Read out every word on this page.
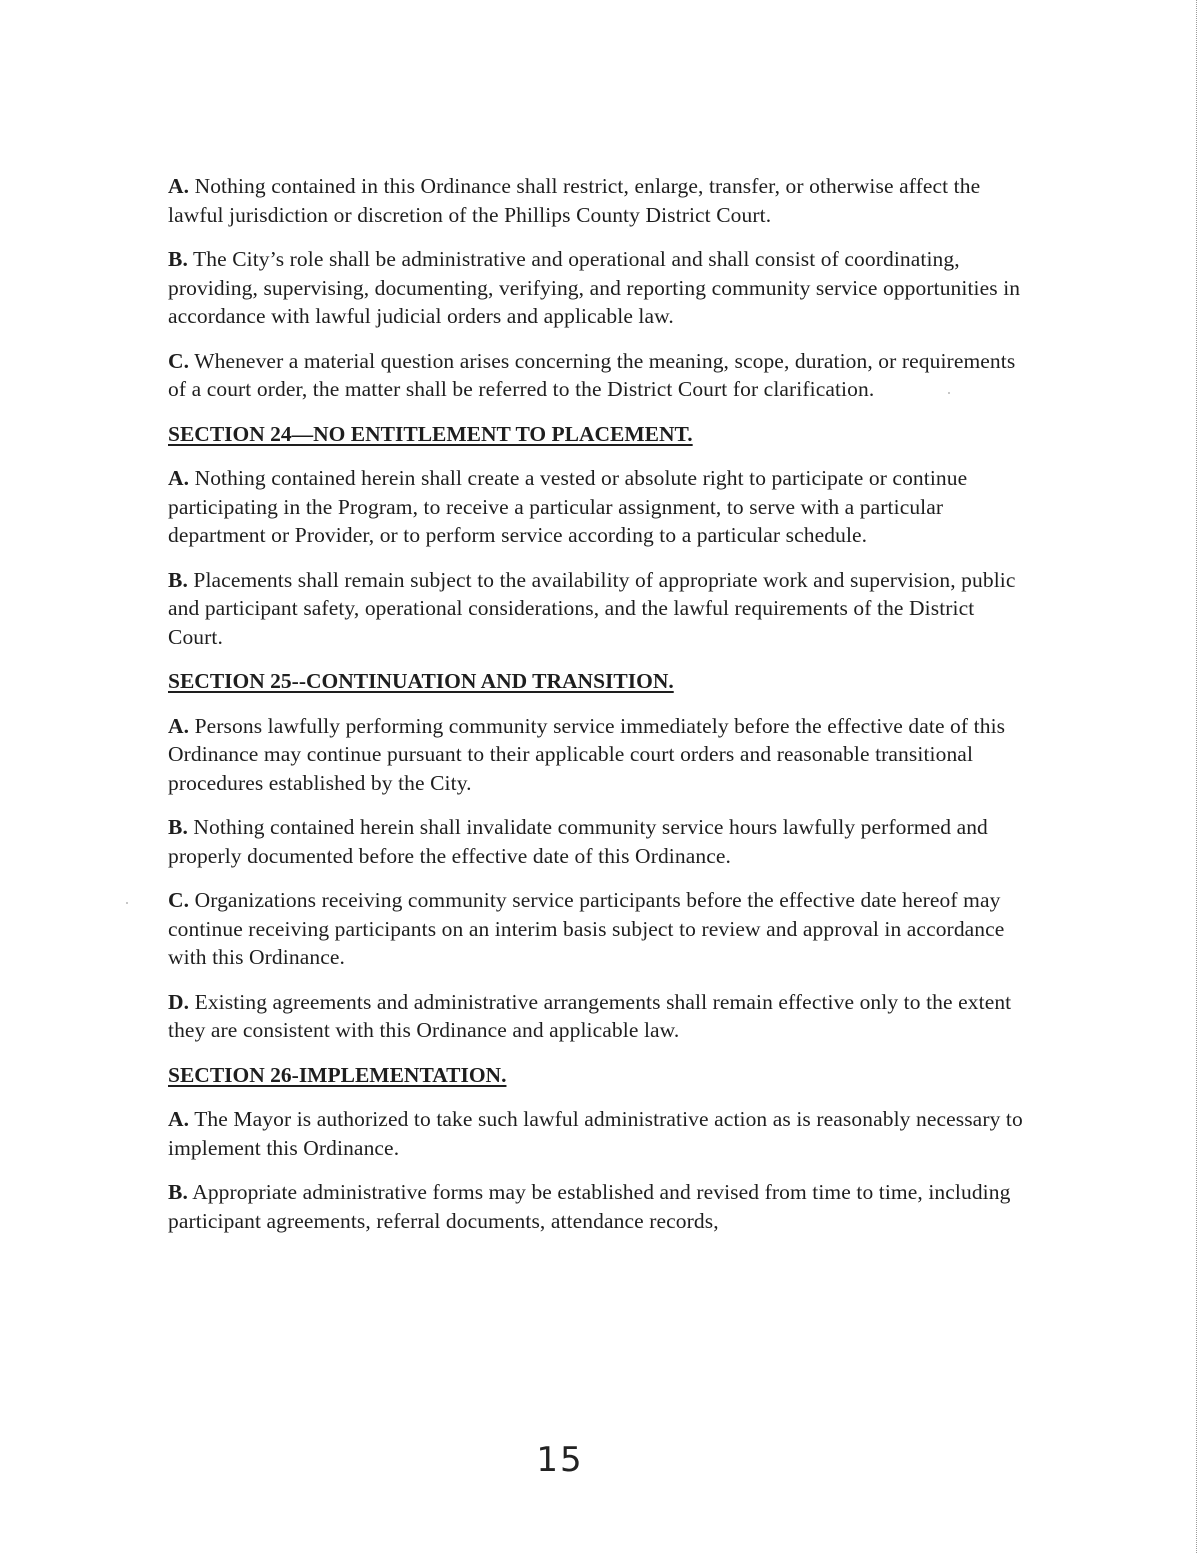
A. Nothing contained in this Ordinance shall restrict, enlarge, transfer, or otherwise affect the lawful jurisdiction or discretion of the Phillips County District Court.

B. The City’s role shall be administrative and operational and shall consist of coordinating, providing, supervising, documenting, verifying, and reporting community service opportunities in accordance with lawful judicial orders and applicable law.

C. Whenever a material question arises concerning the meaning, scope, duration, or requirements of a court order, the matter shall be referred to the District Court for clarification.

SECTION 24—NO ENTITLEMENT TO PLACEMENT.

A. Nothing contained herein shall create a vested or absolute right to participate or continue participating in the Program, to receive a particular assignment, to serve with a particular department or Provider, or to perform service according to a particular schedule.

B. Placements shall remain subject to the availability of appropriate work and supervision, public and participant safety, operational considerations, and the lawful requirements of the District Court.

SECTION 25--CONTINUATION AND TRANSITION.

A. Persons lawfully performing community service immediately before the effective date of this Ordinance may continue pursuant to their applicable court orders and reasonable transitional procedures established by the City.

B. Nothing contained herein shall invalidate community service hours lawfully performed and properly documented before the effective date of this Ordinance.

C. Organizations receiving community service participants before the effective date hereof may continue receiving participants on an interim basis subject to review and approval in accordance with this Ordinance.

D. Existing agreements and administrative arrangements shall remain effective only to the extent they are consistent with this Ordinance and applicable law.

SECTION 26-IMPLEMENTATION.

A. The Mayor is authorized to take such lawful administrative action as is reasonably necessary to implement this Ordinance.

B. Appropriate administrative forms may be established and revised from time to time, including participant agreements, referral documents, attendance records,

15
